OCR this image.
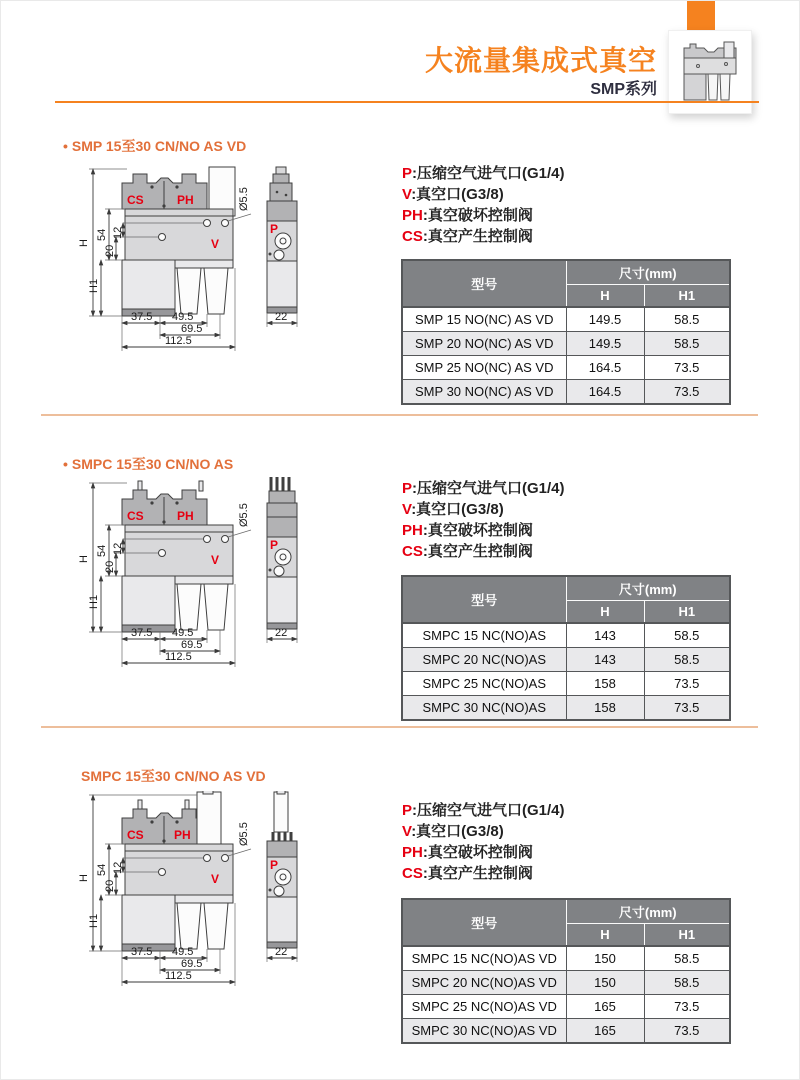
大流量集成式真空
SMP系列
• SMP 15至30 CN/NO AS VD
CS	PH
V
H
54
20
12
H1
Ø5.5
37.5 49.5
69.5
112.5
P
22
P:压缩空气进气口(G1/4)
V:真空口(G3/8)
PH:真空破坏控制阀
CS:真空产生控制阀
型号	尺寸(mm)	
	H	H1
SMP 15 NO(NC) AS VD	149.5	58.5
SMP 20 NO(NC) AS VD	149.5	58.5
SMP 25 NO(NC) AS VD	164.5	73.5
SMP 30 NO(NC) AS VD	164.5	73.5
• SMPC 15至30 CN/NO AS
CS	PH
V
H
54
20
12
H1
Ø5.5
37.5 49.5
69.5
112.5
P
22
P:压缩空气进气口(G1/4)
V:真空口(G3/8)
PH:真空破坏控制阀
CS:真空产生控制阀
型号	尺寸(mm)	
	H	H1
SMPC 15 NC(NO)AS	143	58.5
SMPC 20 NC(NO)AS	143	58.5
SMPC 25 NC(NO)AS	158	73.5
SMPC 30 NC(NO)AS	158	73.5
SMPC 15至30 CN/NO AS VD
CS	PH
V
H
54
20
12
H1
Ø5.5
37.5 49.5
69.5
112.5
P
22
P:压缩空气进气口(G1/4)
V:真空口(G3/8)
PH:真空破坏控制阀
CS:真空产生控制阀
型号	尺寸(mm)	
	H	H1
SMPC 15 NC(NO)AS VD	150	58.5
SMPC 20 NC(NO)AS VD	150	58.5
SMPC 25 NC(NO)AS VD	165	73.5
SMPC 30 NC(NO)AS VD	165	73.5
